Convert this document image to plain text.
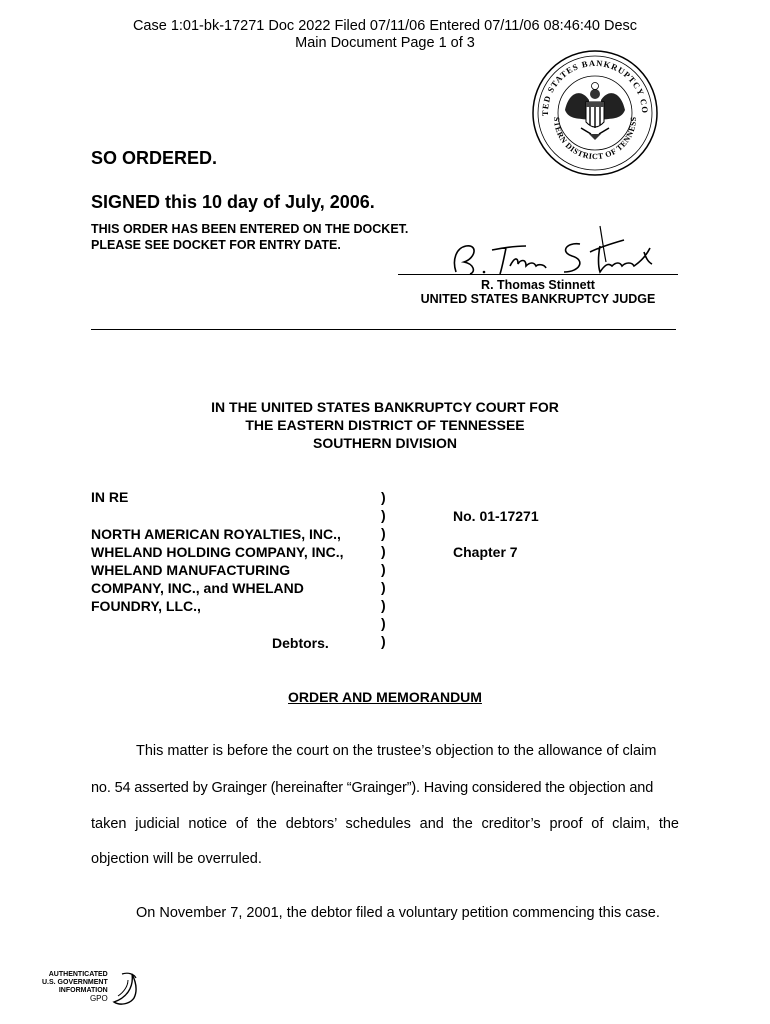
Case 1:01-bk-17271 Doc 2022 Filed 07/11/06 Entered 07/11/06 08:46:40 Desc
Main Document Page 1 of 3
TED STATES BANKRUPTCY CO
STERN DISTRICT OF TENNESS
SO ORDERED.
SIGNED this 10 day of July, 2006.
THIS ORDER HAS BEEN ENTERED ON THE DOCKET.
PLEASE SEE DOCKET FOR ENTRY DATE.
R. Thomas Stinnett
UNITED STATES BANKRUPTCY JUDGE
IN THE UNITED STATES BANKRUPTCY COURT FOR
THE EASTERN DISTRICT OF TENNESSEE
SOUTHERN DIVISION
IN RE
NORTH AMERICAN ROYALTIES, INC.,
WHELAND HOLDING COMPANY, INC.,
WHELAND MANUFACTURING
COMPANY, INC., and WHELAND
FOUNDRY, LLC.,
Debtors.
)
)
)
)
)
)
)
)
)
No. 01-17271
Chapter 7
ORDER AND MEMORANDUM
This matter is before the court on the trustee’s objection to the allowance of claim
no. 54 asserted by Grainger (hereinafter “Grainger”). Having considered the objection and
taken judicial notice of the debtors’ schedules and the creditor’s proof of claim, the
objection will be overruled.
On November 7, 2001, the debtor filed a voluntary petition commencing this case.
AUTHENTICATED
U.S. GOVERNMENT
INFORMATION
GPO
